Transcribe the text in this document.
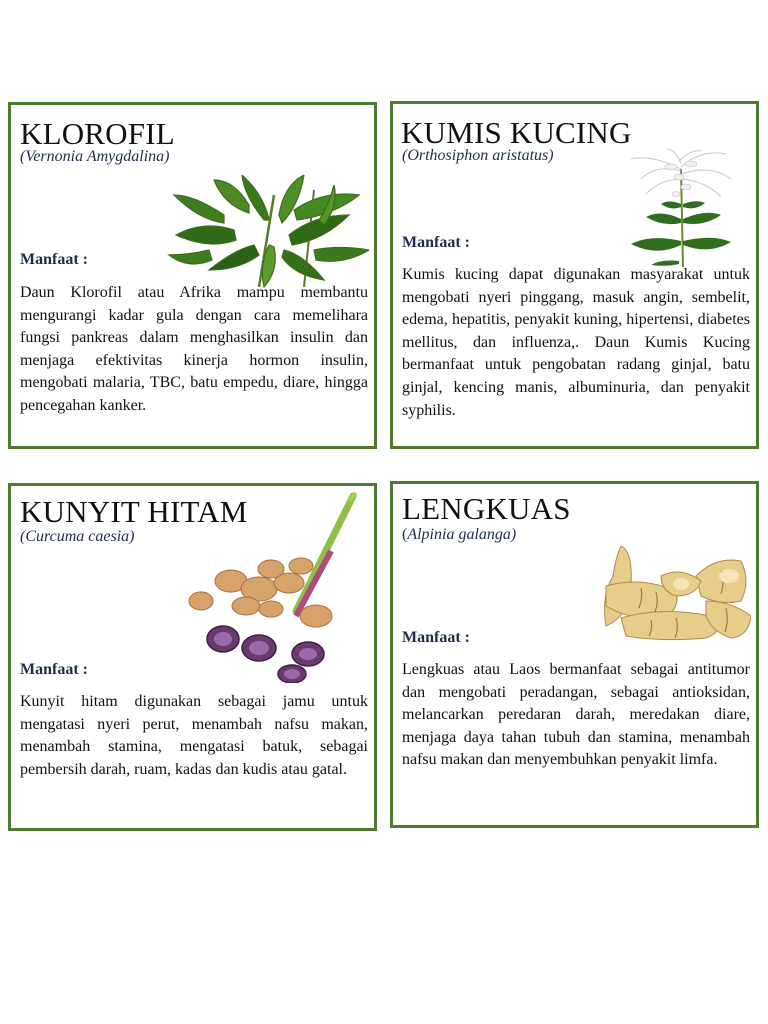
KLOROFIL
(Vernonia Amygdalina)
Manfaat :
Daun Klorofil atau Afrika mampu membantu mengurangi kadar gula dengan cara memelihara fungsi pankreas dalam menghasilkan insulin dan menjaga efektivitas kinerja hormon insulin, mengobati malaria, TBC, batu empedu, diare, hingga pencegahan kanker.
KUMIS KUCING
(Orthosiphon aristatus)
Manfaat :
Kumis kucing dapat digunakan masyarakat untuk mengobati nyeri pinggang, masuk angin, sembelit, edema, hepatitis, penyakit kuning, hipertensi, diabetes mellitus, dan influenza,. Daun Kumis Kucing bermanfaat untuk pengobatan radang ginjal, batu ginjal, kencing manis, albuminuria, dan penyakit syphilis.
KUNYIT HITAM
(Curcuma caesia)
Manfaat :
Kunyit hitam digunakan sebagai jamu untuk mengatasi nyeri perut, menambah nafsu makan, menambah stamina, mengatasi batuk, sebagai pembersih darah, ruam, kadas dan kudis atau gatal.
LENGKUAS
(Alpinia galanga)
Manfaat :
Lengkuas atau Laos bermanfaat sebagai antitumor dan mengobati peradangan, sebagai antioksidan, melancarkan peredaran darah, meredakan diare, menjaga daya tahan tubuh dan stamina, menambah nafsu makan dan menyembuhkan penyakit limfa.
